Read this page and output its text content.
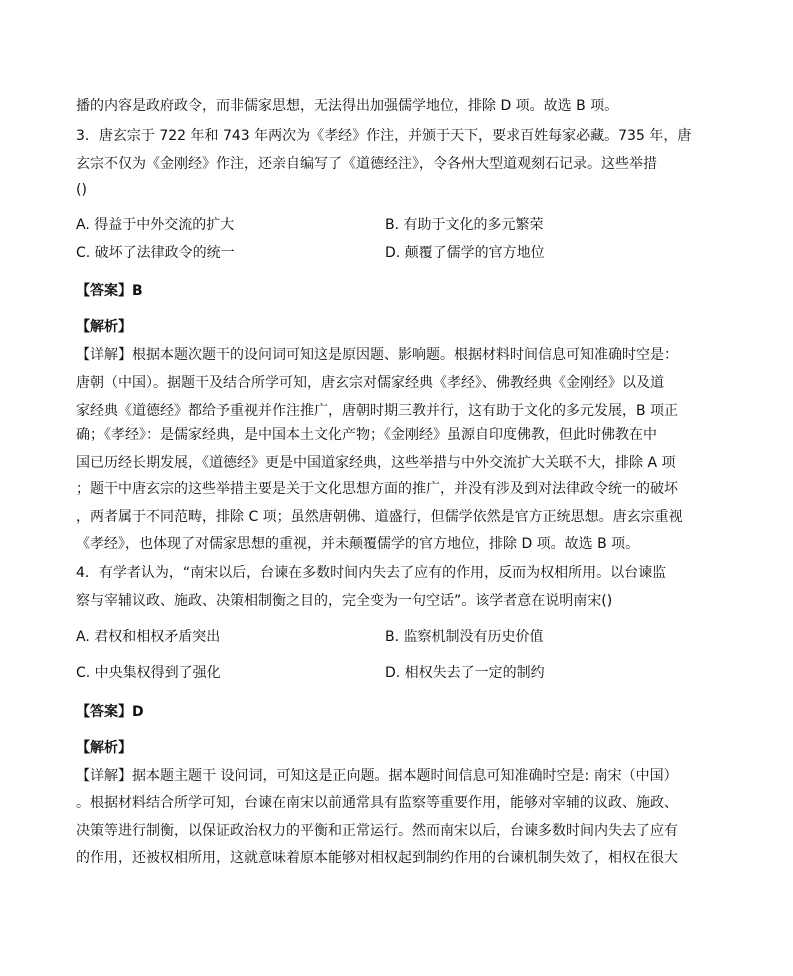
播的内容是政府政令，而非儒家思想，无法得出加强儒学地位，排除 D 项。故选 B 项。
3．唐玄宗于 722 年和 743 年两次为《孝经》作注，并颁于天下，要求百姓每家必藏。735 年，唐
玄宗不仅为《金刚经》作注，还亲自编写了《道德经注》，令各州大型道观刻石记录。这些举措
()
A. 得益于中外交流的扩大	B. 有助于文化的多元繁荣
C. 破坏了法律政令的统一	D. 颠覆了儒学的官方地位
【答案】B
【解析】
【详解】根据本题次题干的设问词可知这是原因题、影响题。根据材料时间信息可知准确时空是：
唐朝（中国）。据题干及结合所学可知，唐玄宗对儒家经典《孝经》、佛教经典《金刚经》以及道
家经典《道德经》都给予重视并作注推广，唐朝时期三教并行，这有助于文化的多元发展，B 项正
确；《孝经》：是儒家经典，是中国本土文化产物；《金刚经》虽源自印度佛教，但此时佛教在中
国已历经长期发展，《道德经》更是中国道家经典，这些举措与中外交流扩大关联不大，排除 A 项
；题干中唐玄宗的这些举措主要是关于文化思想方面的推广，并没有涉及到对法律政令统一的破坏
，两者属于不同范畴，排除 C 项；虽然唐朝佛、道盛行，但儒学依然是官方正统思想。唐玄宗重视
《孝经》，也体现了对儒家思想的重视，并未颠覆儒学的官方地位，排除 D 项。故选 B 项。
4．有学者认为，“南宋以后，台谏在多数时间内失去了应有的作用，反而为权相所用。以台谏监
察与宰辅议政、施政、决策相制衡之目的，完全变为一句空话”。该学者意在说明南宋()
A. 君权和相权矛盾突出	B. 监察机制没有历史价值
C. 中央集权得到了强化	D. 相权失去了一定的制约
【答案】D
【解析】
【详解】据本题主题干 设问词，可知这是正向题。据本题时间信息可知准确时空是: 南宋（中国）
。根据材料结合所学可知，台谏在南宋以前通常具有监察等重要作用，能够对宰辅的议政、施政、
决策等进行制衡，以保证政治权力的平衡和正常运行。然而南宋以后，台谏多数时间内失去了应有
的作用，还被权相所用，这就意味着原本能够对相权起到制约作用的台谏机制失效了，相权在很大
